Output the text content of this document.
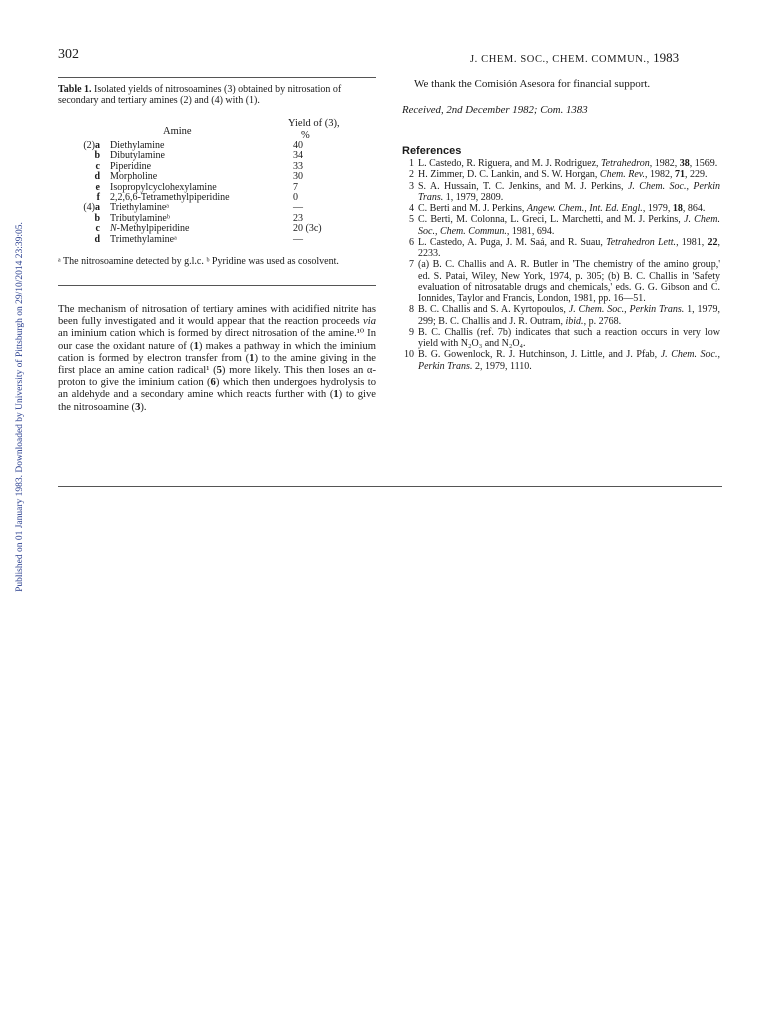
Published on 01 January 1983. Downloaded by University of Pittsburgh on 29/10/2014 23:39:05.
302	J. CHEM. SOC., CHEM. COMMUN., 1983
Table 1. Isolated yields of nitrosoamines (3) obtained by nitrosation of secondary and tertiary amines (2) and (4) with (1).
Yield of (3),
Amine	%
(2)a	Diethylamine	40
b	Dibutylamine	34
c	Piperidine	33
d	Morpholine	30
e	Isopropylcyclohexylamine	7
f	2,2,6,6-Tetramethylpiperidine	0
(4)a	Triethylamineᵃ	—
b	Tributylamineᵇ	23
c	N-Methylpiperidine	20 (3c)
d	Trimethylamineᵃ	—
ᵃ The nitrosoamine detected by g.l.c. ᵇ Pyridine was used as cosolvent.
The mechanism of nitrosation of tertiary amines with acidified nitrite has been fully investigated and it would appear that the reaction proceeds via an iminium cation which is formed by direct nitrosation of the amine.¹⁰ In our case the oxidant nature of (1) makes a pathway in which the iminium cation is formed by electron transfer from (1) to the amine giving in the first place an amine cation radical¹ (5) more likely. This then loses an α-proton to give the iminium cation (6) which then undergoes hydrolysis to an aldehyde and a secondary amine which reacts further with (1) to give the nitrosoamine (3).
We thank the Comisión Asesora for financial support.
Received, 2nd December 1982; Com. 1383
References
1 L. Castedo, R. Riguera, and M. J. Rodriguez, Tetrahedron, 1982, 38, 1569.
2 H. Zimmer, D. C. Lankin, and S. W. Horgan, Chem. Rev., 1982, 71, 229.
3 S. A. Hussain, T. C. Jenkins, and M. J. Perkins, J. Chem. Soc., Perkin Trans. 1, 1979, 2809.
4 C. Berti and M. J. Perkins, Angew. Chem., Int. Ed. Engl., 1979, 18, 864.
5 C. Berti, M. Colonna, L. Greci, L. Marchetti, and M. J. Perkins, J. Chem. Soc., Chem. Commun., 1981, 694.
6 L. Castedo, A. Puga, J. M. Saá, and R. Suau, Tetrahedron Lett., 1981, 22, 2233.
7 (a) B. C. Challis and A. R. Butler in 'The chemistry of the amino group,' ed. S. Patai, Wiley, New York, 1974, p. 305; (b) B. C. Challis in 'Safety evaluation of nitrosatable drugs and chemicals,' eds. G. G. Gibson and C. Ionnides, Taylor and Francis, London, 1981, pp. 16—51.
8 B. C. Challis and S. A. Kyrtopoulos, J. Chem. Soc., Perkin Trans. 1, 1979, 299; B. C. Challis and J. R. Outram, ibid., p. 2768.
9 B. C. Challis (ref. 7b) indicates that such a reaction occurs in very low yield with N₂O₃ and N₂O₄.
10 B. G. Gowenlock, R. J. Hutchinson, J. Little, and J. Pfab, J. Chem. Soc., Perkin Trans. 2, 1979, 1110.
